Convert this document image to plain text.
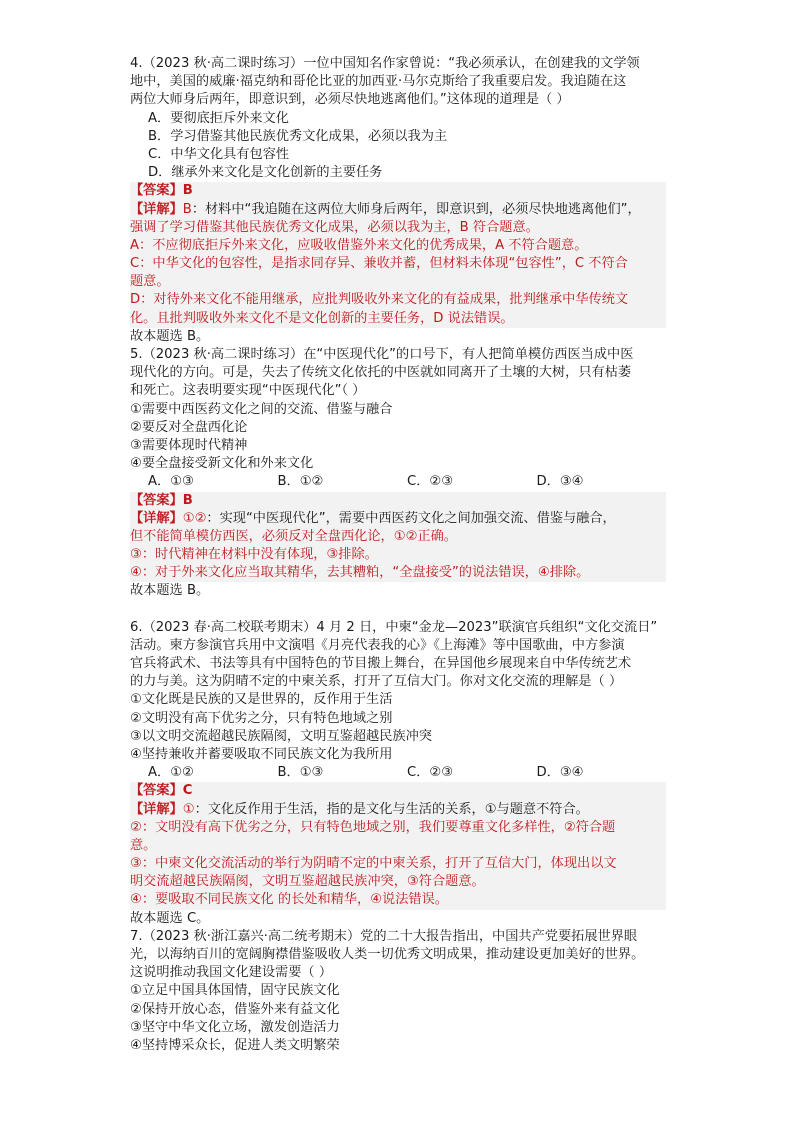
4.（2023 秋·高二课时练习）一位中国知名作家曾说：“我必须承认，在创建我的文学领
地中，美国的威廉·福克纳和哥伦比亚的加西亚·马尔克斯给了我重要启发。我追随在这
两位大师身后两年，即意识到，必须尽快地逃离他们。”这体现的道理是（ ）
A．要彻底拒斥外来文化
B．学习借鉴其他民族优秀文化成果，必须以我为主
C．中华文化具有包容性
D．继承外来文化是文化创新的主要任务
【答案】B
【详解】B：材料中“我追随在这两位大师身后两年，即意识到，必须尽快地逃离他们”，
强调了学习借鉴其他民族优秀文化成果，必须以我为主，B 符合题意。
A：不应彻底拒斥外来文化，应吸收借鉴外来文化的优秀成果，A 不符合题意。
C：中华文化的包容性，是指求同存异、兼收并蓄，但材料未体现“包容性”，C 不符合
题意。
D：对待外来文化不能用继承，应批判吸收外来文化的有益成果，批判继承中华传统文
化。且批判吸收外来文化不是文化创新的主要任务，D 说法错误。
故本题选 B。
5.（2023 秋·高二课时练习）在“中医现代化”的口号下，有人把简单模仿西医当成中医
现代化的方向。可是，失去了传统文化依托的中医就如同离开了土壤的大树，只有枯萎
和死亡。这表明要实现“中医现代化”（ ）
①需要中西医药文化之间的交流、借鉴与融合
②要反对全盘西化论
③需要体现时代精神
④要全盘接受新文化和外来文化
A．①③	B．①②	C．②③	D．③④
【答案】B
【详解】①②：实现“中医现代化”，需要中西医药文化之间加强交流、借鉴与融合，
但不能简单模仿西医，必须反对全盘西化论，①②正确。
③：时代精神在材料中没有体现，③排除。
④：对于外来文化应当取其精华，去其糟粕，“全盘接受”的说法错误，④排除。
故本题选 B。
6.（2023 春·高二校联考期末）4 月 2 日，中柬“金龙—2023”联演官兵组织“文化交流日”
活动。柬方参演官兵用中文演唱《月亮代表我的心》《上海滩》等中国歌曲，中方参演
官兵将武术、书法等具有中国特色的节目搬上舞台，在异国他乡展现来自中华传统艺术
的力与美。这为阴晴不定的中柬关系，打开了互信大门。你对文化交流的理解是（ ）
①文化既是民族的又是世界的，反作用于生活
②文明没有高下优劣之分，只有特色地域之别
③以文明交流超越民族隔阂，文明互鉴超越民族冲突
④坚持兼收并蓄要吸取不同民族文化为我所用
A．①②	B．①③	C．②③	D．③④
【答案】C
【详解】①：文化反作用于生活，指的是文化与生活的关系，①与题意不符合。
②：文明没有高下优劣之分，只有特色地域之别，我们要尊重文化多样性，②符合题
意。
③：中柬文化交流活动的举行为阴晴不定的中柬关系，打开了互信大门，体现出以文
明交流超越民族隔阂，文明互鉴超越民族冲突，③符合题意。
④：要吸取不同民族文化 的长处和精华，④说法错误。
故本题选 C。
7.（2023 秋·浙江嘉兴·高二统考期末）党的二十大报告指出，中国共产党要拓展世界眼
光，以海纳百川的宽阔胸襟借鉴吸收人类一切优秀文明成果，推动建设更加美好的世界。
这说明推动我国文化建设需要（ ）
①立足中国具体国情，固守民族文化
②保持开放心态，借鉴外来有益文化
③坚守中华文化立场，激发创造活力
④坚持博采众长，促进人类文明繁荣
